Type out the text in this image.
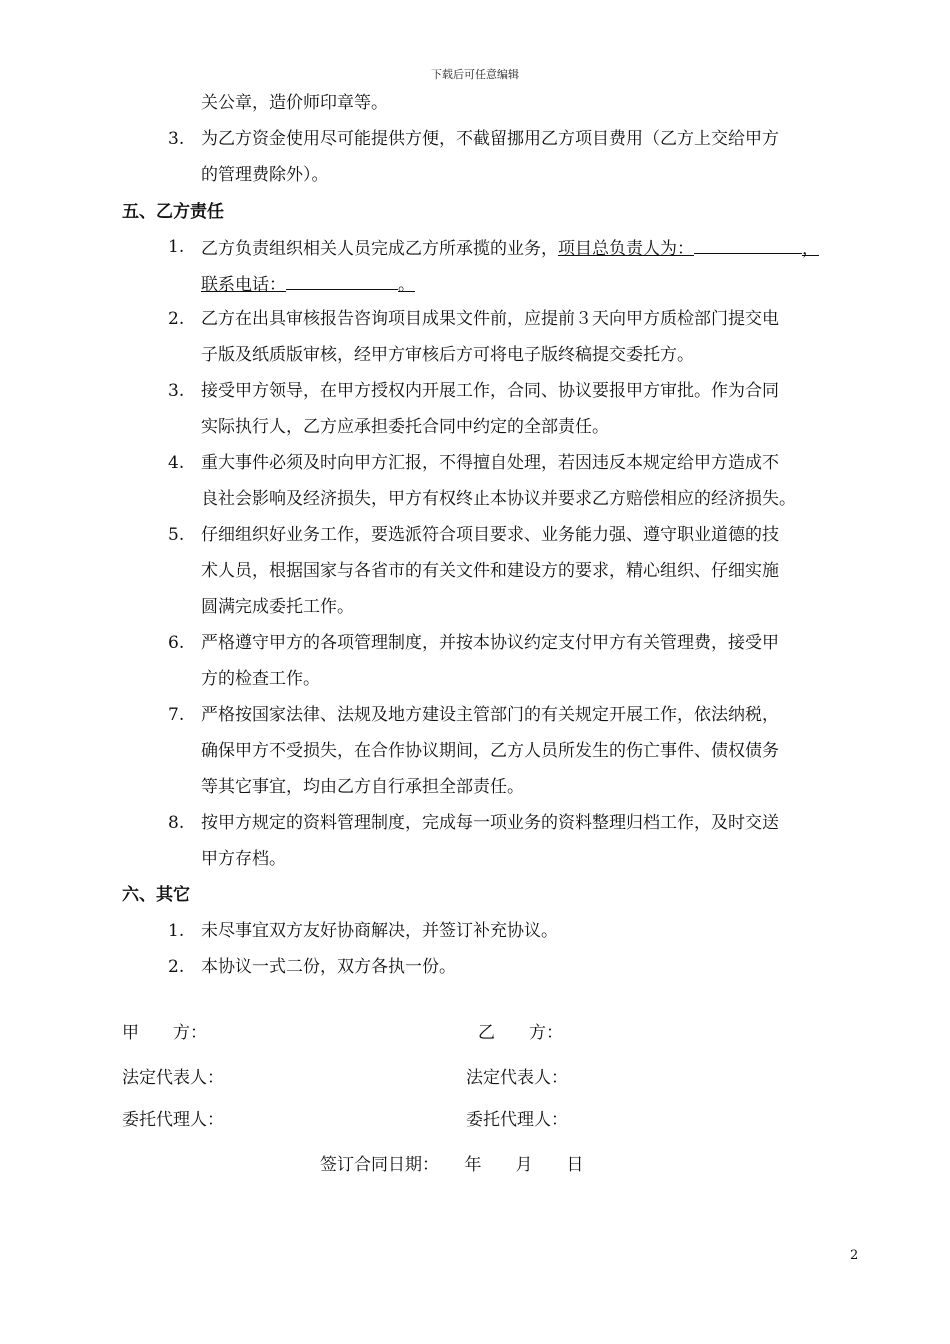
下载后可任意编辑
关公章，造价师印章等。
3. 为乙方资金使用尽可能提供方便，不截留挪用乙方项目费用（乙方上交给甲方
的管理费除外）。
五、乙方责任
1. 乙方负责组织相关人员完成乙方所承揽的业务，项目总负责人为：	，
联系电话：	。
2. 乙方在出具审核报告咨询项目成果文件前，应提前３天向甲方质检部门提交电
子版及纸质版审核，经甲方审核后方可将电子版终稿提交委托方。
3. 接受甲方领导，在甲方授权内开展工作，合同、协议要报甲方审批。作为合同
实际执行人，乙方应承担委托合同中约定的全部责任。
4. 重大事件必须及时向甲方汇报，不得擅自处理，若因违反本规定给甲方造成不
良社会影响及经济损失，甲方有权终止本协议并要求乙方赔偿相应的经济损失。
5. 仔细组织好业务工作，要选派符合项目要求、业务能力强、遵守职业道德的技
术人员，根据国家与各省市的有关文件和建设方的要求，精心组织、仔细实施
圆满完成委托工作。
6. 严格遵守甲方的各项管理制度，并按本协议约定支付甲方有关管理费，接受甲
方的检查工作。
7. 严格按国家法律、法规及地方建设主管部门的有关规定开展工作，依法纳税，
确保甲方不受损失，在合作协议期间，乙方人员所发生的伤亡事件、债权债务
等其它事宜，均由乙方自行承担全部责任。
8. 按甲方规定的资料管理制度，完成每一项业务的资料整理归档工作，及时交送
甲方存档。
六、其它
1. 未尽事宜双方友好协商解决，并签订补充协议。
2. 本协议一式二份，双方各执一份。
甲　　方：	乙　　方：
法定代表人：	法定代表人：
委托代理人：	委托代理人：
签订合同日期：　　年　　月　　日
2
